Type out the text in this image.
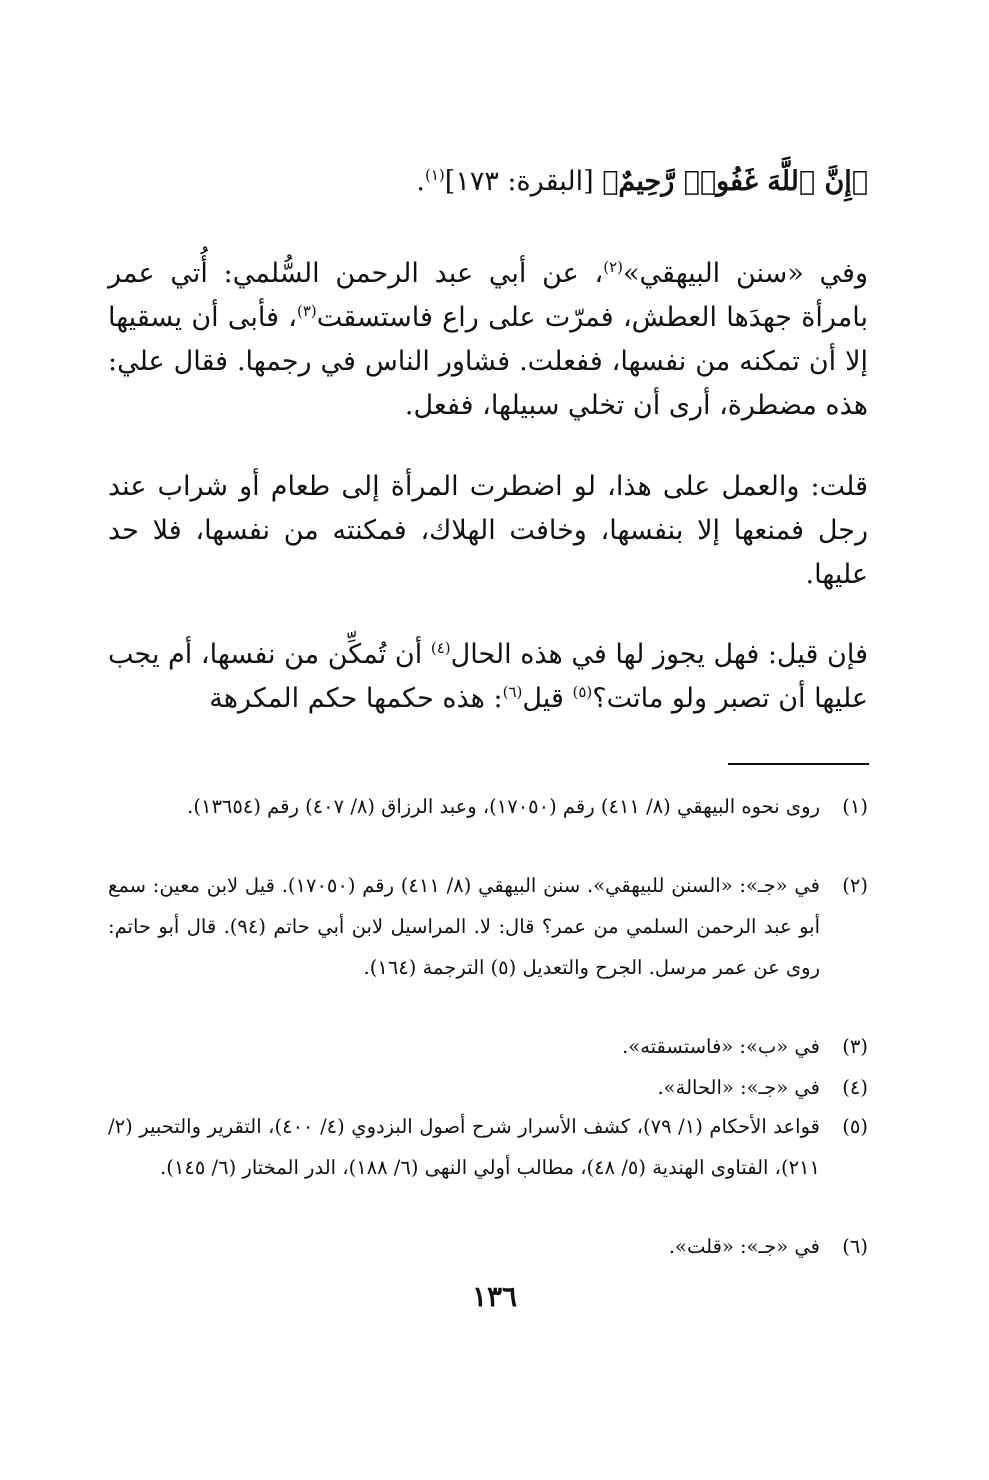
﴿إِنَّ ٱللَّهَ غَفُورٞ رَّحِيمٌ﴾ [البقرة: ١٧٣]$^{(١)}$.
وفي «سنن البيهقي»$^{(٢)}$، عن أبي عبد الرحمن السُّلمي: أُتي عمر بامرأة جهدَها العطش، فمرّت على راع فاستسقت$^{(٣)}$، فأبى أن يسقيها إلا أن تمكنه من نفسها، ففعلت. فشاور الناس في رجمها. فقال علي: هذه مضطرة، أرى أن تخلي سبيلها، ففعل.
قلت: والعمل على هذا، لو اضطرت المرأة إلى طعام أو شراب عند رجل فمنعها إلا بنفسها، وخافت الهلاك، فمكنته من نفسها، فلا حد عليها.
فإن قيل: فهل يجوز لها في هذه الحال$^{(٤)}$ أن تُمكِّن من نفسها، أم يجب عليها أن تصبر ولو ماتت؟$^{(٥)}$ قيل$^{(٦)}$: هذه حكمها حكم المكرهة
(١)
روى نحوه البيهقي (٨/ ٤١١) رقم (١٧٠٥٠)، وعبد الرزاق (٨/ ٤٠٧) رقم (١٣٦٥٤).
(٢)
في «جـ»: «السنن للبيهقي». سنن البيهقي (٨/ ٤١١) رقم (١٧٠٥٠). قيل لابن معين: سمع أبو عبد الرحمن السلمي من عمر؟ قال: لا. المراسيل لابن أبي حاتم (٩٤). قال أبو حاتم: روى عن عمر مرسل. الجرح والتعديل (٥) الترجمة (١٦٤).
(٣)
في «ب»: «فاستسقته».
(٤)
في «جـ»: «الحالة».
(٥)
قواعد الأحكام (١/ ٧٩)، كشف الأسرار شرح أصول البزدوي (٤/ ٤٠٠)، التقرير والتحبير (٢/ ٢١١)، الفتاوى الهندية (٥/ ٤٨)، مطالب أولي النهى (٦/ ١٨٨)، الدر المختار (٦/ ١٤٥).
(٦)
في «جـ»: «قلت».
١٣٦
